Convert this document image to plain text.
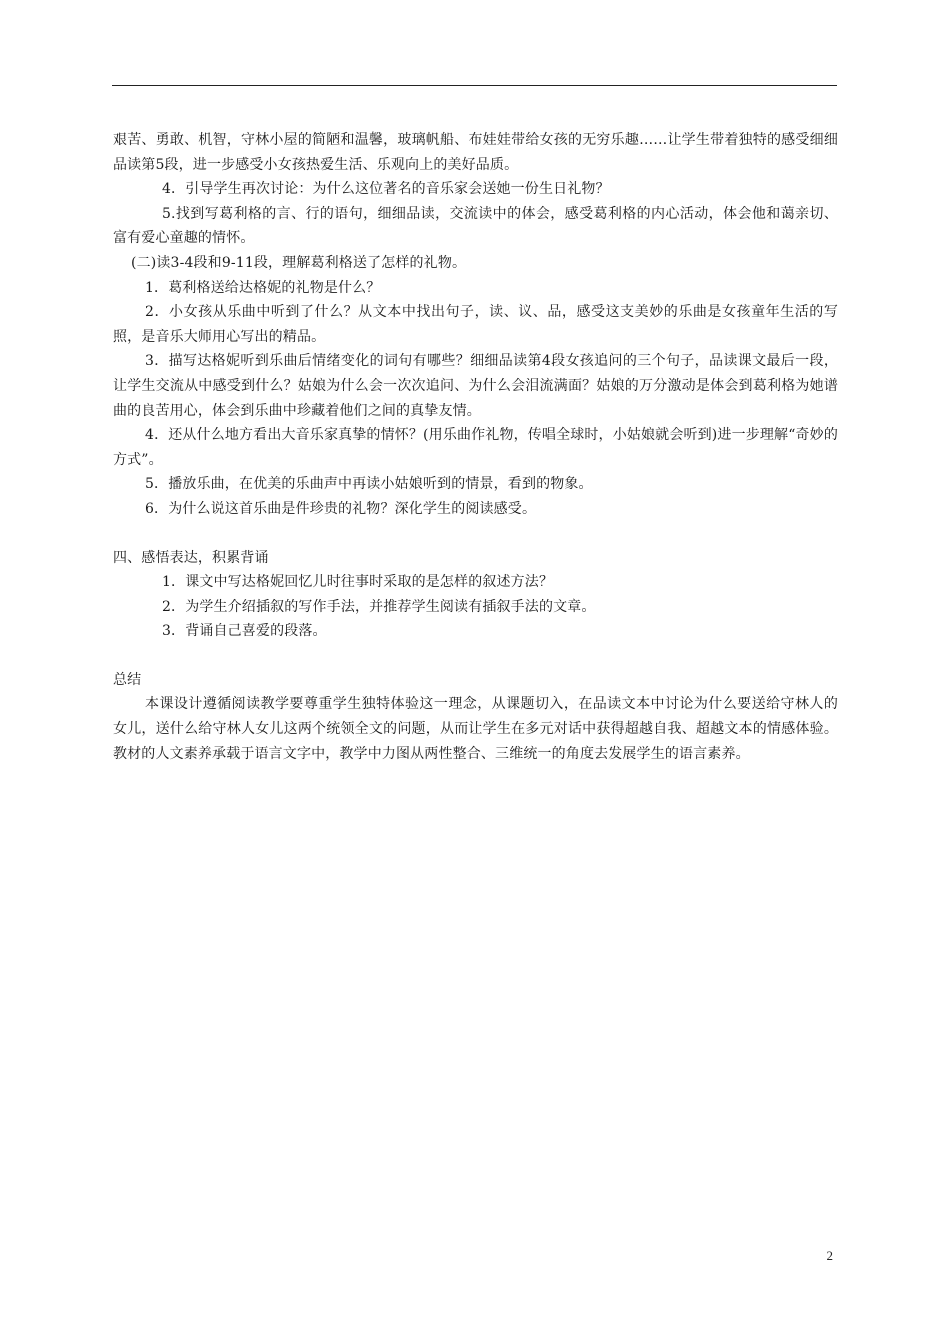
艰苦、勇敢、机智，守林小屋的简陋和温馨，玻璃帆船、布娃娃带给女孩的无穷乐趣……让学生带着独特的感受细细品读第5段，进一步感受小女孩热爱生活、乐观向上的美好品质。

4．引导学生再次讨论：为什么这位著名的音乐家会送她一份生日礼物？

5.找到写葛利格的言、行的语句，细细品读，交流读中的体会，感受葛利格的内心活动，体会他和蔼亲切、富有爱心童趣的情怀。

(二)读3-4段和9-11段，理解葛利格送了怎样的礼物。

1．葛利格送给达格妮的礼物是什么？

2．小女孩从乐曲中听到了什么？从文本中找出句子，读、议、品，感受这支美妙的乐曲是女孩童年生活的写照，是音乐大师用心写出的精品。

3．描写达格妮听到乐曲后情绪变化的词句有哪些？细细品读第4段女孩追问的三个句子，品读课文最后一段，让学生交流从中感受到什么？姑娘为什么会一次次追问、为什么会泪流满面？姑娘的万分激动是体会到葛利格为她谱曲的良苦用心，体会到乐曲中珍藏着他们之间的真挚友情。

4．还从什么地方看出大音乐家真挚的情怀？(用乐曲作礼物，传唱全球时，小姑娘就会听到)进一步理解“奇妙的方式”。

5．播放乐曲，在优美的乐曲声中再读小姑娘听到的情景，看到的物象。

6．为什么说这首乐曲是件珍贵的礼物？深化学生的阅读感受。

四、感悟表达，积累背诵

1．课文中写达格妮回忆儿时往事时采取的是怎样的叙述方法？

2．为学生介绍插叙的写作手法，并推荐学生阅读有插叙手法的文章。

3．背诵自己喜爱的段落。

总结

本课设计遵循阅读教学要尊重学生独特体验这一理念，从课题切入，在品读文本中讨论为什么要送给守林人的女儿，送什么给守林人女儿这两个统领全文的问题，从而让学生在多元对话中获得超越自我、超越文本的情感体验。教材的人文素养承载于语言文字中，教学中力图从两性整合、三维统一的角度去发展学生的语言素养。

2
